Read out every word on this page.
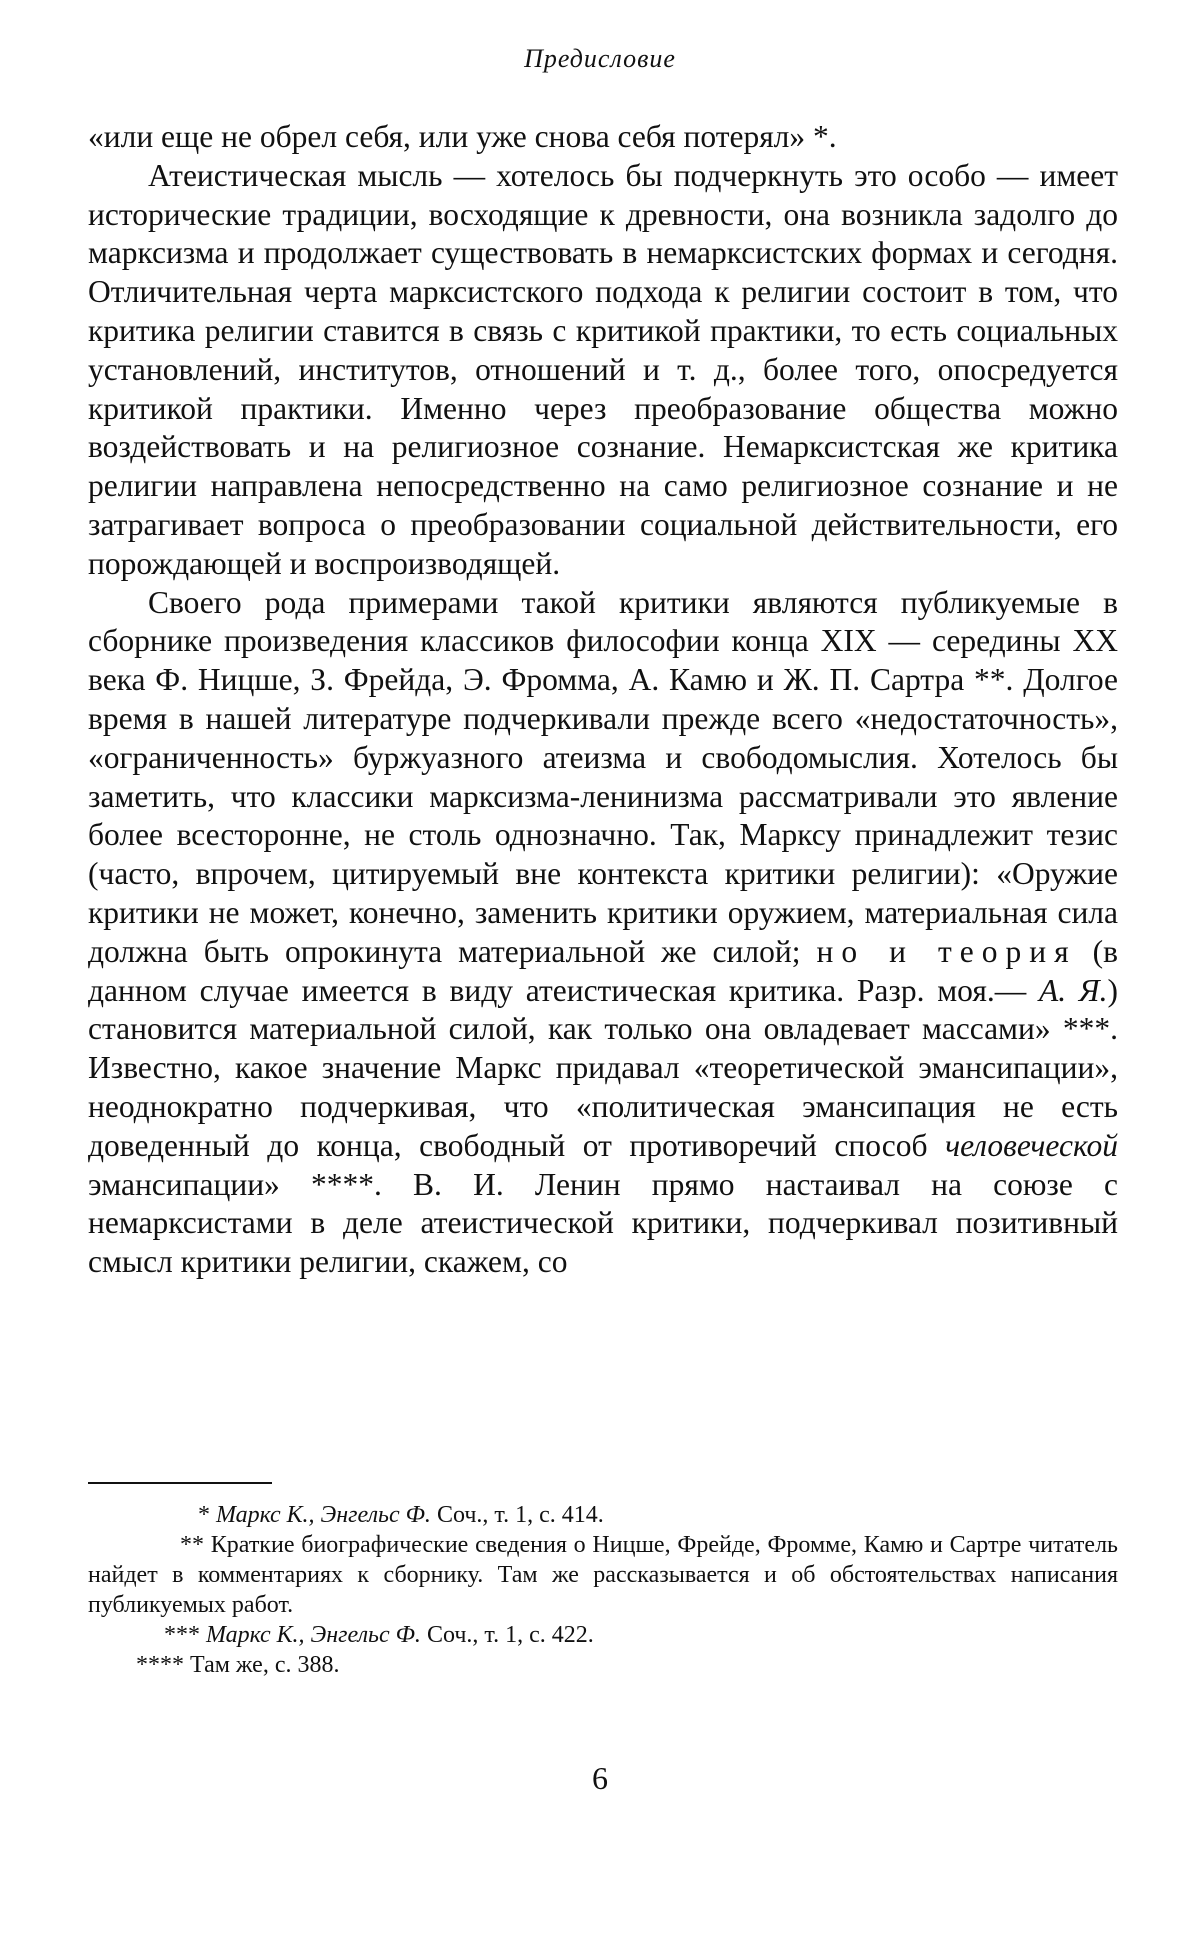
Предисловие

«или еще не обрел себя, или уже снова себя потерял» *.

Атеистическая мысль — хотелось бы подчеркнуть это особо — имеет исторические традиции, восходящие к древности, она возникла задолго до марксизма и продолжает существовать в немарксистских формах и сегодня. Отличительная черта марксистского подхода к религии состоит в том, что критика религии ставится в связь с критикой практики, то есть социальных установлений, институтов, отношений и т. д., более того, опосредуется критикой практики. Именно через преобразование общества можно воздействовать и на религиозное сознание. Немарксистская же критика религии направлена непосредственно на само религиозное сознание и не затрагивает вопроса о преобразовании социальной действительности, его порождающей и воспроизводящей.

Своего рода примерами такой критики являются публикуемые в сборнике произведения классиков философии конца XIX — середины XX века Ф. Ницше, З. Фрейда, Э. Фромма, А. Камю и Ж. П. Сартра **. Долгое время в нашей литературе подчеркивали прежде всего «недостаточность», «ограниченность» буржуазного атеизма и свободомыслия. Хотелось бы заметить, что классики марксизма-ленинизма рассматривали это явление более всесторонне, не столь однозначно. Так, Марксу принадлежит тезис (часто, впрочем, цитируемый вне контекста критики религии): «Оружие критики не может, конечно, заменить критики оружием, материальная сила должна быть опрокинута материальной же силой; но и теория (в данном случае имеется в виду атеистическая критика. Разр. моя.— А. Я.) становится материальной силой, как только она овладевает массами» ***. Известно, какое значение Маркс придавал «теоретической эмансипации», неоднократно подчеркивая, что «политическая эмансипация не есть доведенный до конца, свободный от противоречий способ человеческой эмансипации» ****. В. И. Ленин прямо настаивал на союзе с немарксистами в деле атеистической критики, подчеркивал позитивный смысл критики религии, скажем, со

* Маркс К., Энгельс Ф. Соч., т. 1, с. 414.

** Краткие биографические сведения о Ницше, Фрейде, Фромме, Камю и Сартре читатель найдет в комментариях к сборнику. Там же рассказывается и об обстоятельствах написания публикуемых работ.

*** Маркс К., Энгельс Ф. Соч., т. 1, с. 422.

**** Там же, с. 388.

6
